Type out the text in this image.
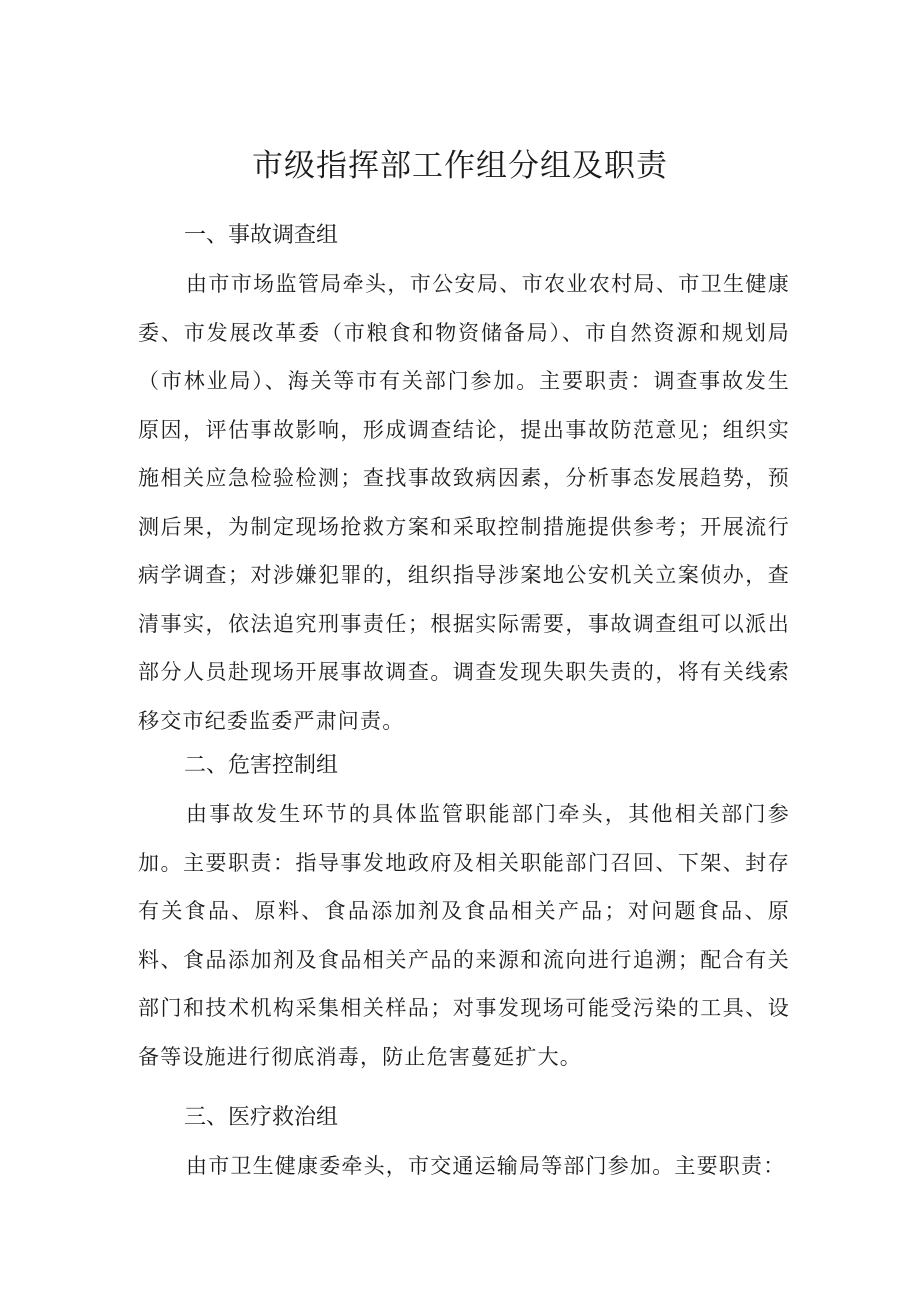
市级指挥部工作组分组及职责
一、事故调查组

由市市场监管局牵头，市公安局、市农业农村局、市卫生健康委、市发展改革委（市粮食和物资储备局）、市自然资源和规划局（市林业局）、海关等市有关部门参加。主要职责：调查事故发生原因，评估事故影响，形成调查结论，提出事故防范意见；组织实施相关应急检验检测；查找事故致病因素，分析事态发展趋势，预测后果，为制定现场抢救方案和采取控制措施提供参考；开展流行病学调查；对涉嫌犯罪的，组织指导涉案地公安机关立案侦办，查清事实，依法追究刑事责任；根据实际需要，事故调查组可以派出部分人员赴现场开展事故调查。调查发现失职失责的，将有关线索移交市纪委监委严肃问责。

二、危害控制组

由事故发生环节的具体监管职能部门牵头，其他相关部门参加。主要职责：指导事发地政府及相关职能部门召回、下架、封存有关食品、原料、食品添加剂及食品相关产品；对问题食品、原料、食品添加剂及食品相关产品的来源和流向进行追溯；配合有关部门和技术机构采集相关样品；对事发现场可能受污染的工具、设备等设施进行彻底消毒，防止危害蔓延扩大。

三、医疗救治组

由市卫生健康委牵头，市交通运输局等部门参加。主要职责：
